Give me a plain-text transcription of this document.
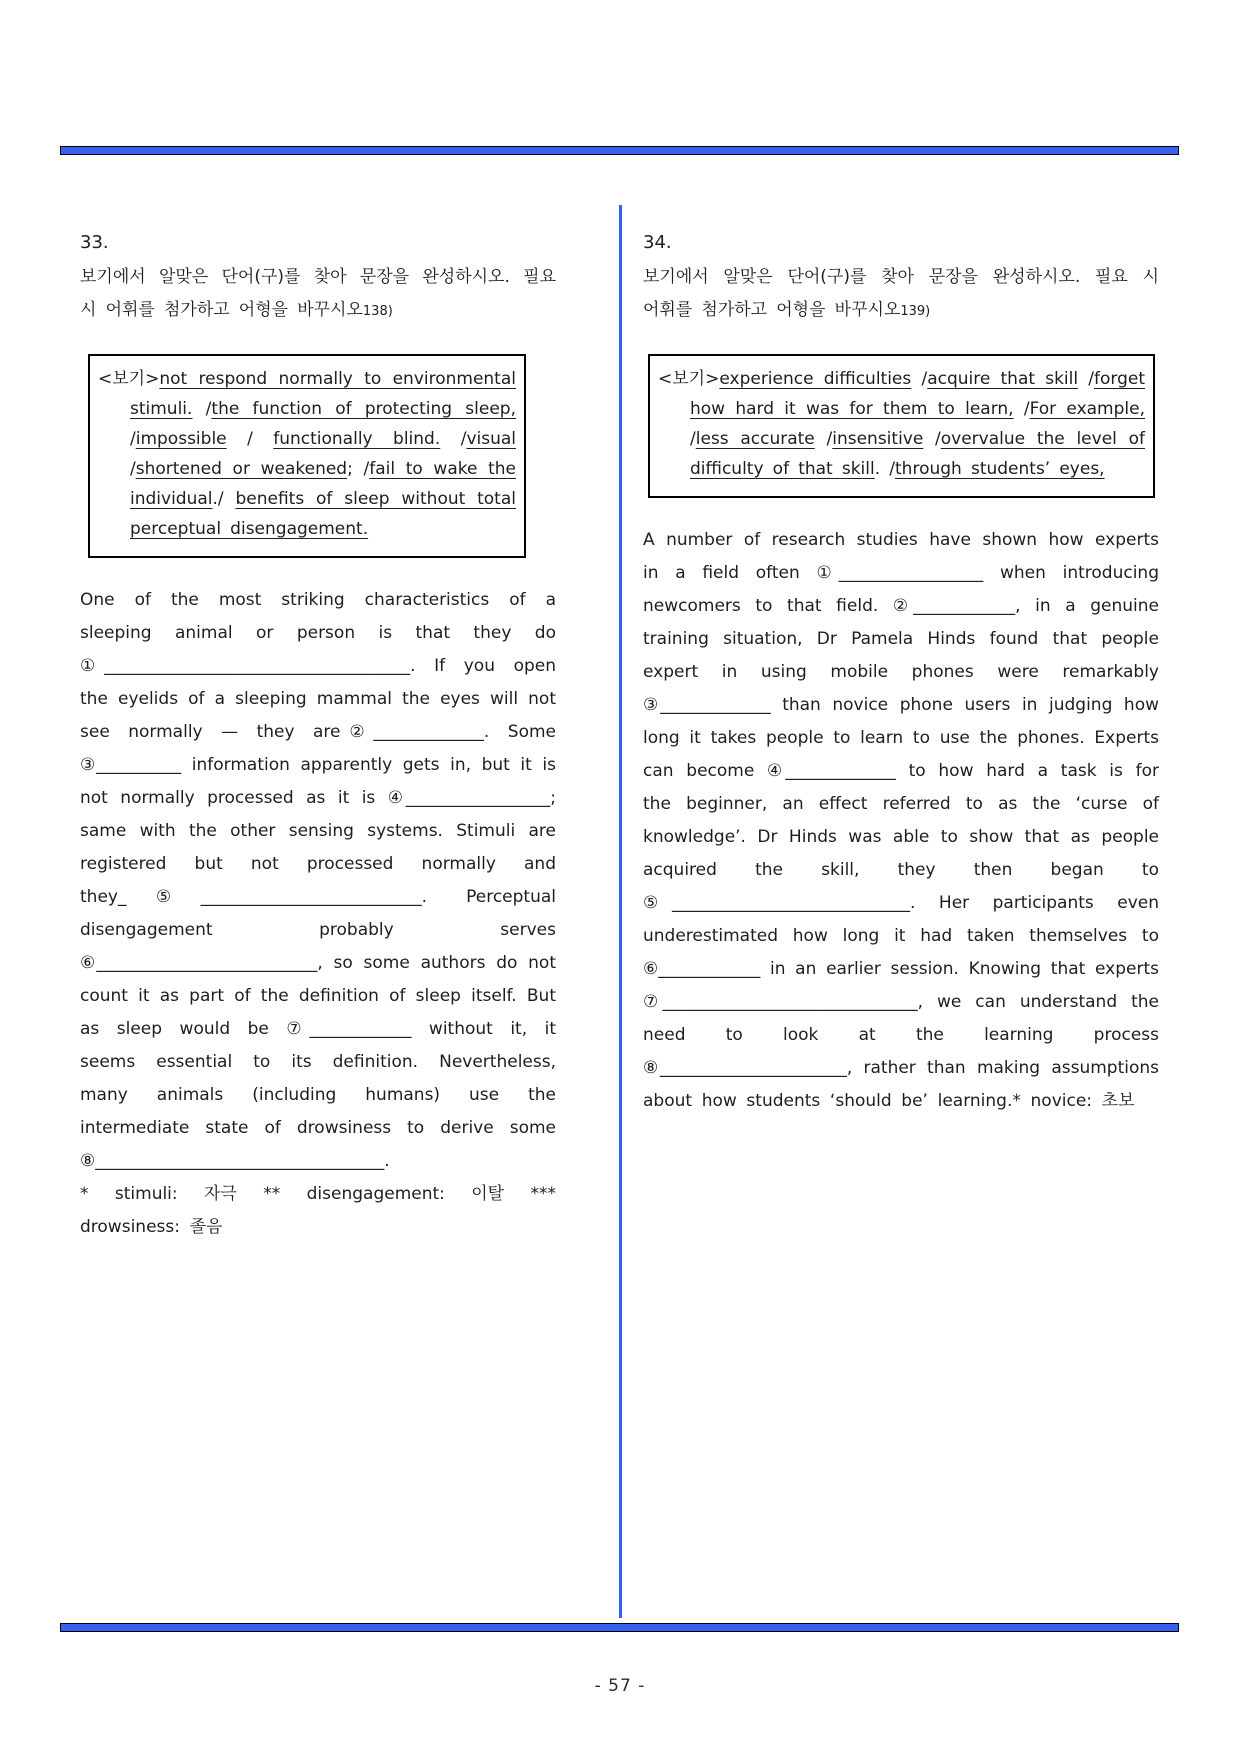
33.

보기에서 알맞은 단어(구)를 찾아 문장을 완성하시오. 필요 시 어휘를 첨가하고 어형을 바꾸시오138)

<보기>not respond normally to environmental stimuli. /the function of protecting sleep, /impossible / functionally blind. /visual /shortened or weakened; /fail to wake the individual./ benefits of sleep without total perceptual disengagement.

One of the most striking characteristics of a sleeping animal or person is that they do ①____________________________________. If you open the eyelids of a sleeping mammal the eyes will not see normally — they are②_____________. Some ③__________ information apparently gets in, but it is not normally processed as it is ④_________________; same with the other sensing systems. Stimuli are registered but not processed normally and they_⑤__________________________. Perceptual disengagement probably serves ⑥__________________________, so some authors do not count it as part of the definition of sleep itself. But as sleep would be ⑦____________ without it, it seems essential to its definition. Nevertheless, many animals (including humans) use the intermediate state of drowsiness to derive some ⑧__________________________________.

* stimuli: 자극 ** disengagement: 이탈 *** drowsiness: 졸음

34.

보기에서 알맞은 단어(구)를 찾아 문장을 완성하시오. 필요 시 어휘를 첨가하고 어형을 바꾸시오139)

<보기>experience difficulties /acquire that skill /forget how hard it was for them to learn, /For example, /less accurate /insensitive /overvalue the level of difficulty of that skill. /through students’ eyes,

A number of research studies have shown how experts in a field often ①_________________ when introducing newcomers to that field. ②____________, in a genuine training situation, Dr Pamela Hinds found that people expert in using mobile phones were remarkably ③_____________ than novice phone users in judging how long it takes people to learn to use the phones. Experts can become ④_____________ to how hard a task is for the beginner, an effect referred to as the ‘curse of knowledge’. Dr Hinds was able to show that as people acquired the skill, they then began to ⑤____________________________. Her participants even underestimated how long it had taken themselves to ⑥____________ in an earlier session. Knowing that experts ⑦______________________________, we can understand the need to look at the learning process ⑧______________________, rather than making assumptions about how students ‘should be’ learning.* novice: 초보

- 57 -
